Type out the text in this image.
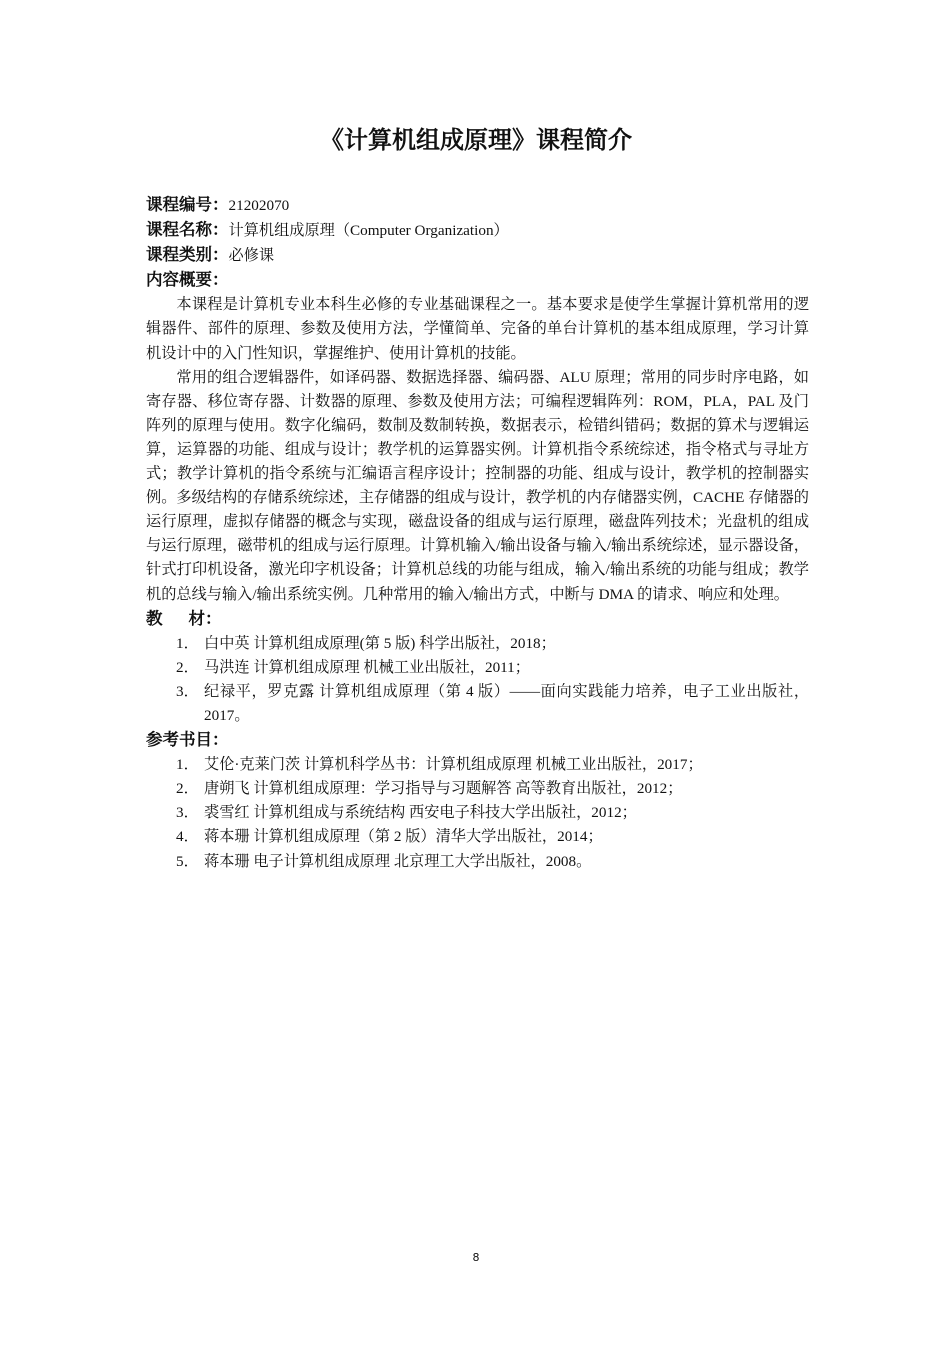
《计算机组成原理》课程简介

课程编号：21202070

课程名称：计算机组成原理（Computer Organization）

课程类别：必修课

内容概要：

本课程是计算机专业本科生必修的专业基础课程之一。基本要求是使学生掌握计算机常用的逻辑器件、部件的原理、参数及使用方法，学懂简单、完备的单台计算机的基本组成原理，学习计算机设计中的入门性知识，掌握维护、使用计算机的技能。

常用的组合逻辑器件，如译码器、数据选择器、编码器、ALU 原理；常用的同步时序电路，如寄存器、移位寄存器、计数器的原理、参数及使用方法；可编程逻辑阵列：ROM，PLA，PAL 及门阵列的原理与使用。数字化编码，数制及数制转换，数据表示，检错纠错码；数据的算术与逻辑运算，运算器的功能、组成与设计；教学机的运算器实例。计算机指令系统综述，指令格式与寻址方式；教学计算机的指令系统与汇编语言程序设计；控制器的功能、组成与设计，教学机的控制器实例。多级结构的存储系统综述，主存储器的组成与设计，教学机的内存储器实例，CACHE 存储器的运行原理，虚拟存储器的概念与实现，磁盘设备的组成与运行原理，磁盘阵列技术；光盘机的组成与运行原理，磁带机的组成与运行原理。计算机输入/输出设备与输入/输出系统综述，显示器设备，针式打印机设备，激光印字机设备；计算机总线的功能与组成，输入/输出系统的功能与组成；教学机的总线与输入/输出系统实例。几种常用的输入/输出方式，中断与 DMA 的请求、响应和处理。

教 材：

1． 白中英 计算机组成原理(第 5 版) 科学出版社，2018；
2． 马洪连 计算机组成原理 机械工业出版社，2011；
3． 纪禄平，罗克露 计算机组成原理（第 4 版）——面向实践能力培养，电子工业出版社，2017。

参考书目：

1． 艾伦·克莱门茨 计算机科学丛书：计算机组成原理 机械工业出版社，2017；
2． 唐朔飞 计算机组成原理：学习指导与习题解答 高等教育出版社，2012；
3． 裘雪红 计算机组成与系统结构 西安电子科技大学出版社，2012；
4． 蒋本珊 计算机组成原理（第 2 版）清华大学出版社，2014；
5． 蒋本珊 电子计算机组成原理 北京理工大学出版社，2008。
8
